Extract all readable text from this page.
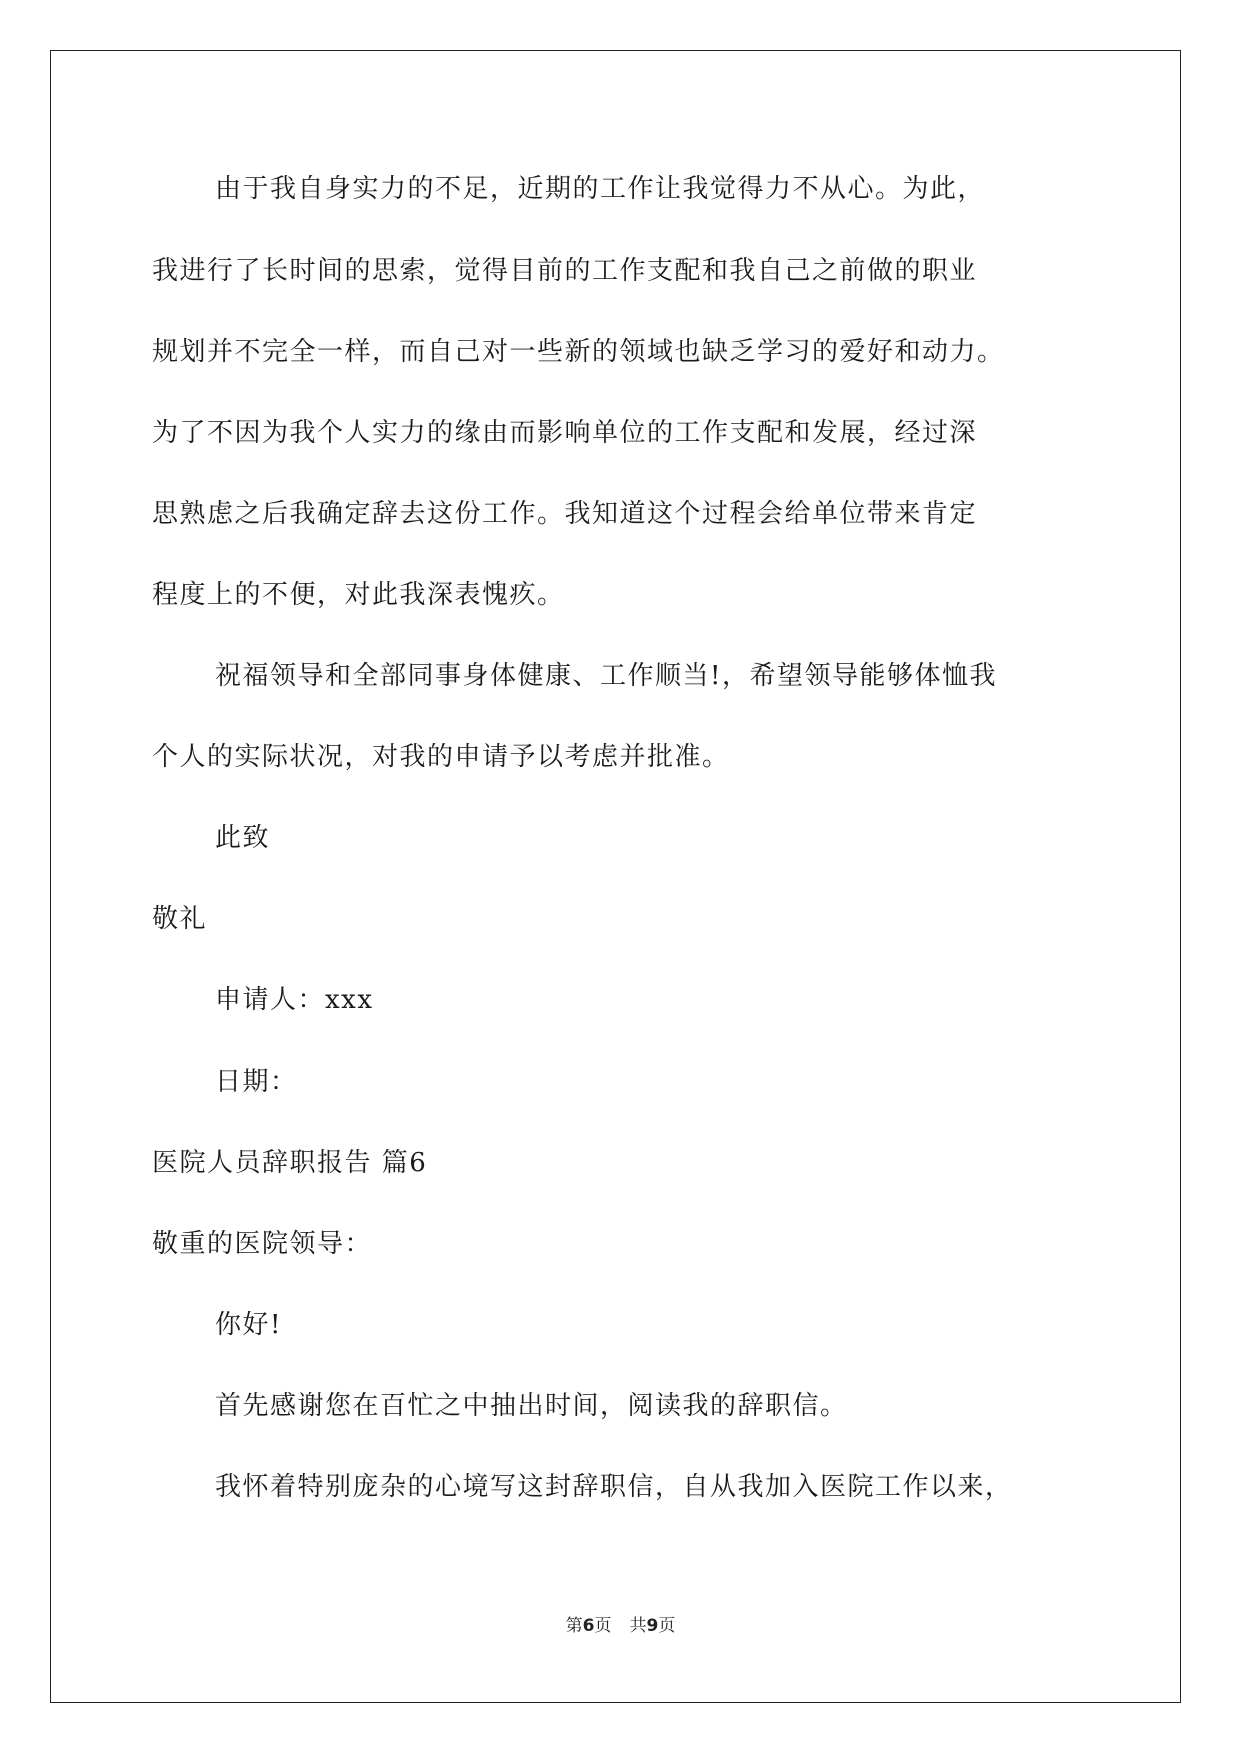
由于我自身实力的不足，近期的工作让我觉得力不从心。为此，
我进行了长时间的思索，觉得目前的工作支配和我自己之前做的职业
规划并不完全一样，而自己对一些新的领域也缺乏学习的爱好和动力。
为了不因为我个人实力的缘由而影响单位的工作支配和发展，经过深
思熟虑之后我确定辞去这份工作。我知道这个过程会给单位带来肯定
程度上的不便，对此我深表愧疚。
祝福领导和全部同事身体健康、工作顺当!，希望领导能够体恤我
个人的实际状况，对我的申请予以考虑并批准。
此致
敬礼
申请人：xxx
日期：
医院人员辞职报告 篇6
敬重的医院领导：
你好!
首先感谢您在百忙之中抽出时间，阅读我的辞职信。
我怀着特别庞杂的心境写这封辞职信，自从我加入医院工作以来，
第6页 共9页
